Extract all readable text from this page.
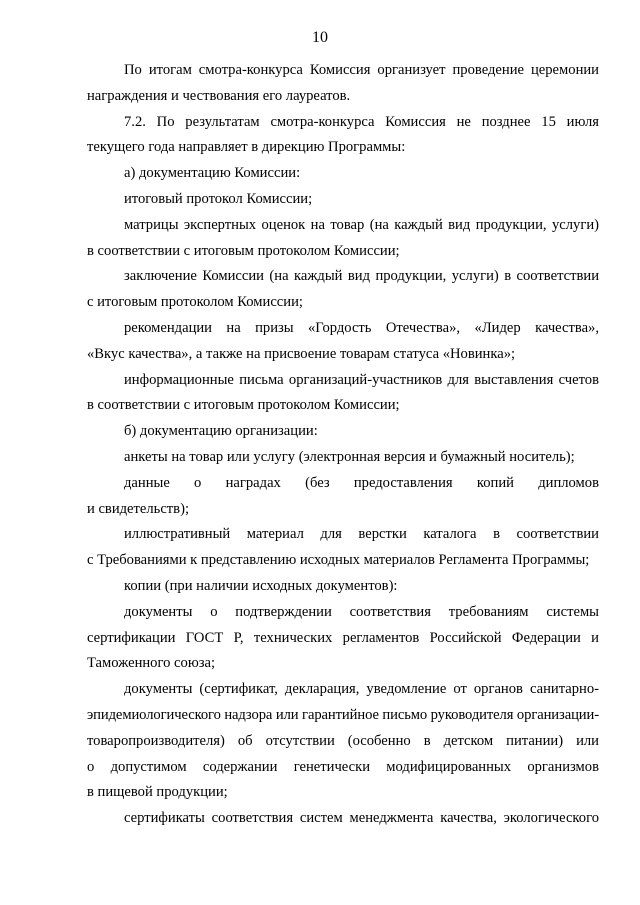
10
По итогам смотра-конкурса Комиссия организует проведение церемонии
награждения и чествования его лауреатов.
7.2. По результатам смотра-конкурса Комиссия не позднее 15 июля
текущего года направляет в дирекцию Программы:
а) документацию Комиссии:
итоговый протокол Комиссии;
матрицы экспертных оценок на товар (на каждый вид продукции, услуги)
в соответствии с итоговым протоколом Комиссии;
заключение Комиссии (на каждый вид продукции, услуги) в соответствии
с итоговым протоколом Комиссии;
рекомендации на призы «Гордость Отечества», «Лидер качества»,
«Вкус качества», а также на присвоение товарам статуса «Новинка»;
информационные письма организаций-участников для выставления счетов
в соответствии с итоговым протоколом Комиссии;
б) документацию организации:
анкеты на товар или услугу (электронная версия и бумажный носитель);
данные о наградах (без предоставления копий дипломов
и свидетельств);
иллюстративный материал для верстки каталога в соответствии
с Требованиями к представлению исходных материалов Регламента Программы;
копии (при наличии исходных документов):
документы о подтверждении соответствия требованиям системы
сертификации ГОСТ Р, технических регламентов Российской Федерации и
Таможенного союза;
документы (сертификат, декларация, уведомление от органов санитарно-
эпидемиологического надзора или гарантийное письмо руководителя организации-
товаропроизводителя) об отсутствии (особенно в детском питании) или
о допустимом содержании генетически модифицированных организмов
в пищевой продукции;
сертификаты соответствия систем менеджмента качества, экологического
